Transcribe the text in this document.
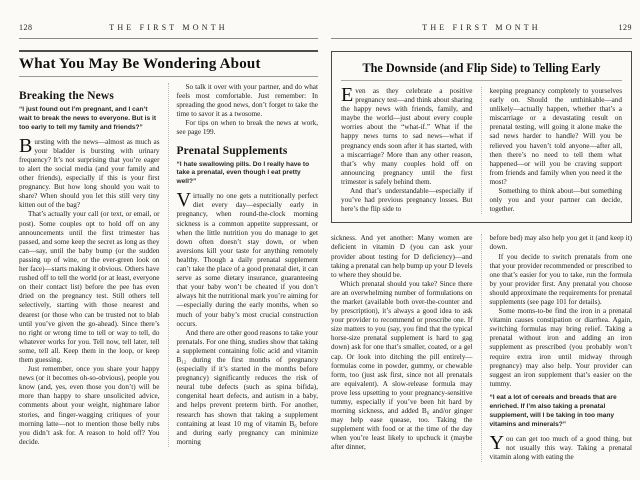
128	THE FIRST MONTH
What You May Be Wondering About
Breaking the News

“I just found out I’m pregnant, and I can’t wait to break the news to everyone. But is it too early to tell my family and friends?”

Bursting with the news—almost as much as your bladder is bursting with urinary frequency? It’s not surprising that you’re eager to alert the social media (and your family and other friends), especially if this is your first pregnancy. But how long should you wait to share? When should you let this still very tiny kitten out of the bag?

That’s actually your call (or text, or email, or post). Some couples opt to hold off on any announcements until the first trimester has passed, and some keep the secret as long as they can—say, until the baby bump (or the sudden passing up of wine, or the ever-green look on her face)—starts making it obvious. Others have rushed off to tell the world (or at least, everyone on their contact list) before the pee has even dried on the pregnancy test. Still others tell selectively, starting with those nearest and dearest (or those who can be trusted not to blab until you’ve given the go-ahead). Since there’s no right or wrong time to tell or way to tell, do whatever works for you. Tell now, tell later, tell some, tell all. Keep them in the loop, or keep them guessing.

Just remember, once you share your happy news (or it becomes oh-so-obvious), people you know (and, yes, even those you don’t) will be more than happy to share unsolicited advice, comments about your weight, nightmare labor stories, and finger-wagging critiques of your morning latte—not to mention those belly rubs you didn’t ask for. A reason to hold off? You decide.

So talk it over with your partner, and do what feels most comfortable. Just remember: In spreading the good news, don’t forget to take the time to savor it as a twosome.

For tips on when to break the news at work, see page 199.

Prenatal Supplements

“I hate swallowing pills. Do I really have to take a prenatal, even though I eat pretty well?”

Virtually no one gets a nutritionally perfect diet every day—especially early in pregnancy, when round-the-clock morning sickness is a common appetite suppressant, or when the little nutrition you do manage to get down often doesn’t stay down, or when aversions kill your taste for anything remotely healthy. Though a daily prenatal supplement can’t take the place of a good prenatal diet, it can serve as some dietary insurance, guaranteeing that your baby won’t be cheated if you don’t always hit the nutritional mark you’re aiming for—especially during the early months, when so much of your baby’s most crucial construction occurs.

And there are other good reasons to take your prenatals. For one thing, studies show that taking a supplement containing folic acid and vitamin B₁₂ during the first months of pregnancy (especially if it’s started in the months before pregnancy) significantly reduces the risk of neural tube defects (such as spina bifida), congenital heart defects, and autism in a baby, and helps prevent preterm birth. For another, research has shown that taking a supplement containing at least 10 mg of vitamin B₆ before and during early pregnancy can minimize morning

THE FIRST MONTH	129
The Downside (and Flip Side) to Telling Early

Even as they celebrate a positive pregnancy test—and think about sharing the happy news with friends, family, and maybe the world—just about every couple worries about the “what-if.” What if the happy news turns to sad news—what if pregnancy ends soon after it has started, with a miscarriage? More than any other reason, that’s why many couples hold off on announcing pregnancy until the first trimester is safely behind them.

And that’s understandable—especially if you’ve had previous pregnancy losses. But here’s the flip side to

keeping pregnancy completely to yourselves early on. Should the unthinkable—and unlikely—actually happen, whether that’s a miscarriage or a devastating result on prenatal testing, will going it alone make the sad news harder to handle? Will you be relieved you haven’t told anyone—after all, then there’s no need to tell them what happened—or will you be craving support from friends and family when you need it the most?

Something to think about—but something only you and your partner can decide, together.

sickness. And yet another: Many women are deficient in vitamin D (you can ask your provider about testing for D deficiency)—and taking a prenatal can help bump up your D levels to where they should be.

Which prenatal should you take? Since there are an overwhelming number of formulations on the market (available both over-the-counter and by prescription), it’s always a good idea to ask your provider to recommend or prescribe one. If size matters to you (say, you find that the typical horse-size prenatal supplement is hard to gag down) ask for one that’s smaller, coated, or a gel cap. Or look into ditching the pill entirely—formulas come in powder, gummy, or chewable form, too (just ask first, since not all prenatals are equivalent). A slow-release formula may prove less upsetting to your pregnancy-sensitive tummy, especially if you’ve been hit hard by morning sickness, and added B₆ and/or ginger may help ease quease, too. Taking the supplement with food or at the time of the day when you’re least likely to upchuck it (maybe after dinner,

before bed) may also help you get it (and keep it) down.

If you decide to switch prenatals from one that your provider recommended or prescribed to one that’s easier for you to take, run the formula by your provider first. Any prenatal you choose should approximate the requirements for prenatal supplements (see page 101 for details).

Some moms-to-be find the iron in a prenatal vitamin causes constipation or diarrhea. Again, switching formulas may bring relief. Taking a prenatal without iron and adding an iron supplement as prescribed (you probably won’t require extra iron until midway through pregnancy) may also help. Your provider can suggest an iron supplement that’s easier on the tummy.

“I eat a lot of cereals and breads that are enriched. If I’m also taking a prenatal supplement, will I be taking in too many vitamins and minerals?”

You can get too much of a good thing, but not usually this way. Taking a prenatal vitamin along with eating the
